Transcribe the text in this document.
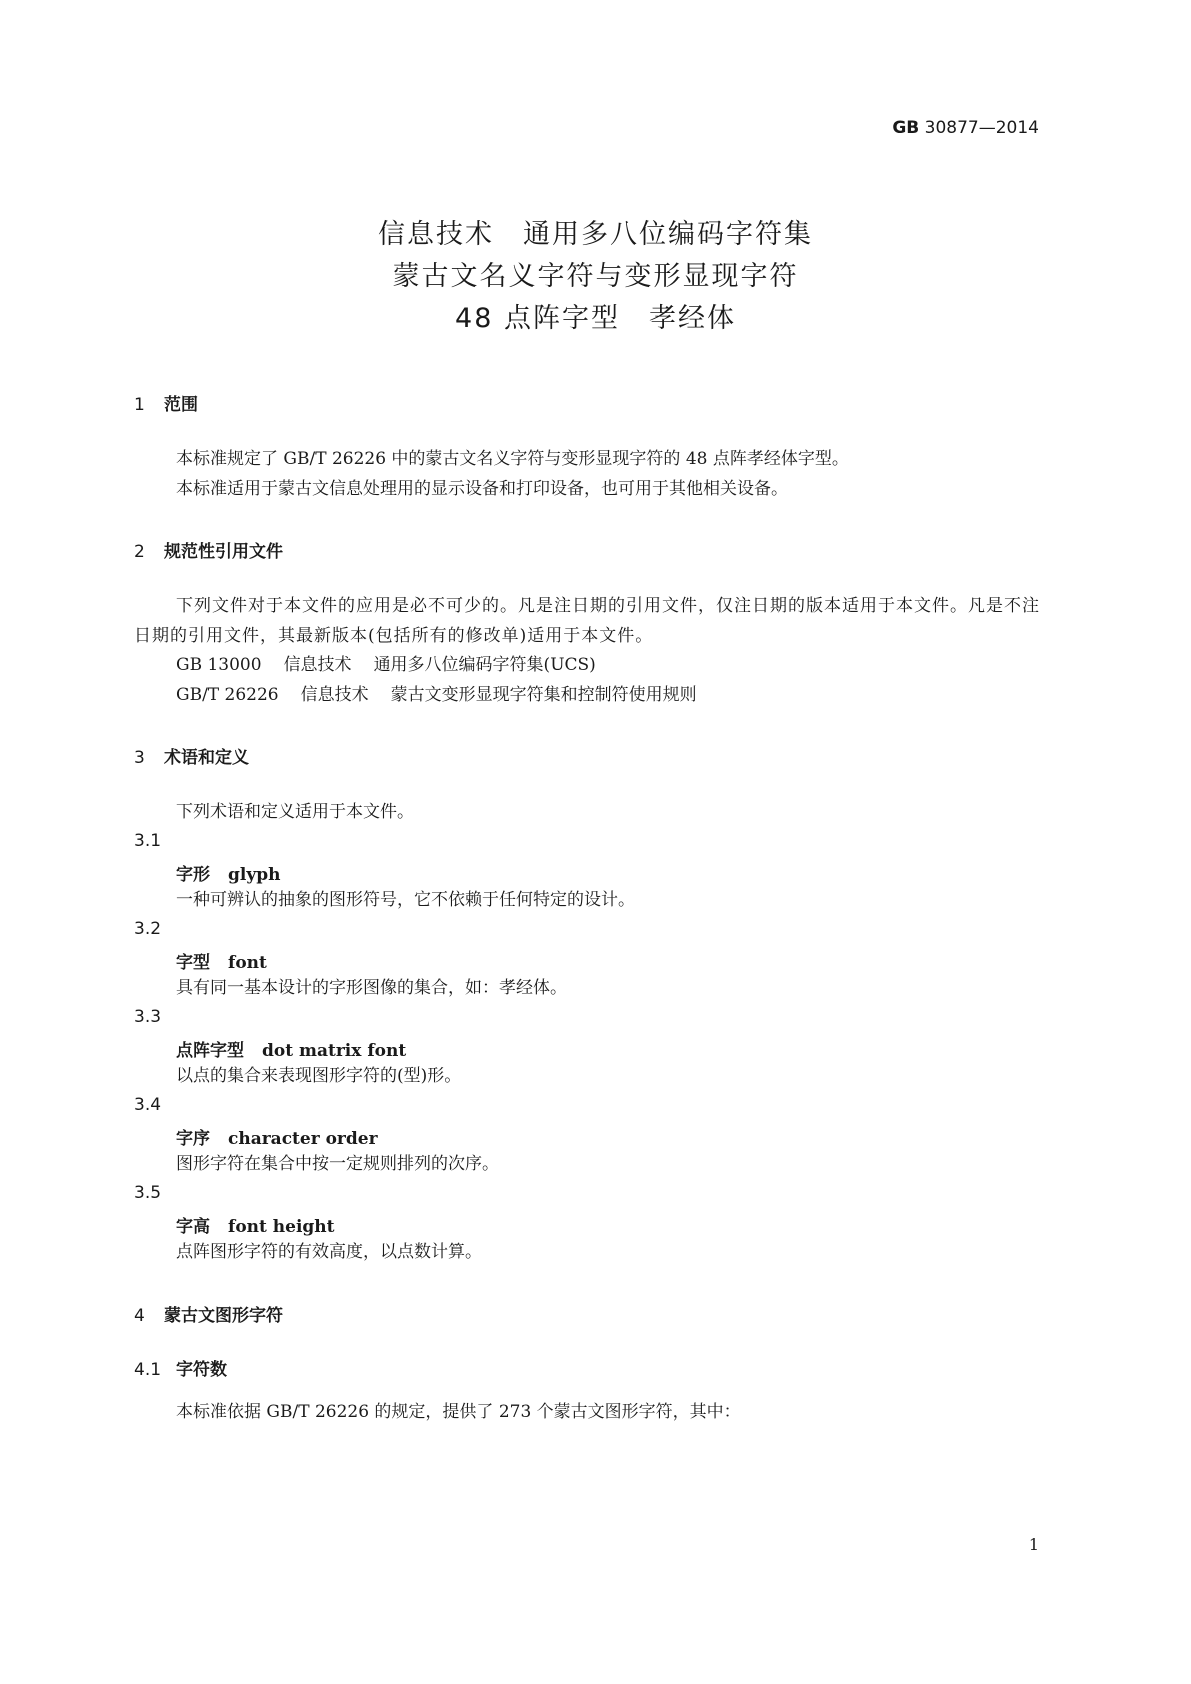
GB 30877—2014
信息技术　通用多八位编码字符集
蒙古文名义字符与变形显现字符
48 点阵字型　孝经体
1 范围
本标准规定了 GB/T 26226 中的蒙古文名义字符与变形显现字符的 48 点阵孝经体字型。
本标准适用于蒙古文信息处理用的显示设备和打印设备，也可用于其他相关设备。
2 规范性引用文件
下列文件对于本文件的应用是必不可少的。凡是注日期的引用文件，仅注日期的版本适用于本文件。凡是不注日期的引用文件，其最新版本(包括所有的修改单)适用于本文件。
GB 13000 信息技术 通用多八位编码字符集(UCS)
GB/T 26226 信息技术 蒙古文变形显现字符集和控制符使用规则
3 术语和定义
下列术语和定义适用于本文件。
3.1
字形 glyph
一种可辨认的抽象的图形符号，它不依赖于任何特定的设计。
3.2
字型 font
具有同一基本设计的字形图像的集合，如：孝经体。
3.3
点阵字型 dot matrix font
以点的集合来表现图形字符的(型)形。
3.4
字序 character order
图形字符在集合中按一定规则排列的次序。
3.5
字高 font height
点阵图形字符的有效高度，以点数计算。
4 蒙古文图形字符
4.1 字符数
本标准依据 GB/T 26226 的规定，提供了 273 个蒙古文图形字符，其中：
1
